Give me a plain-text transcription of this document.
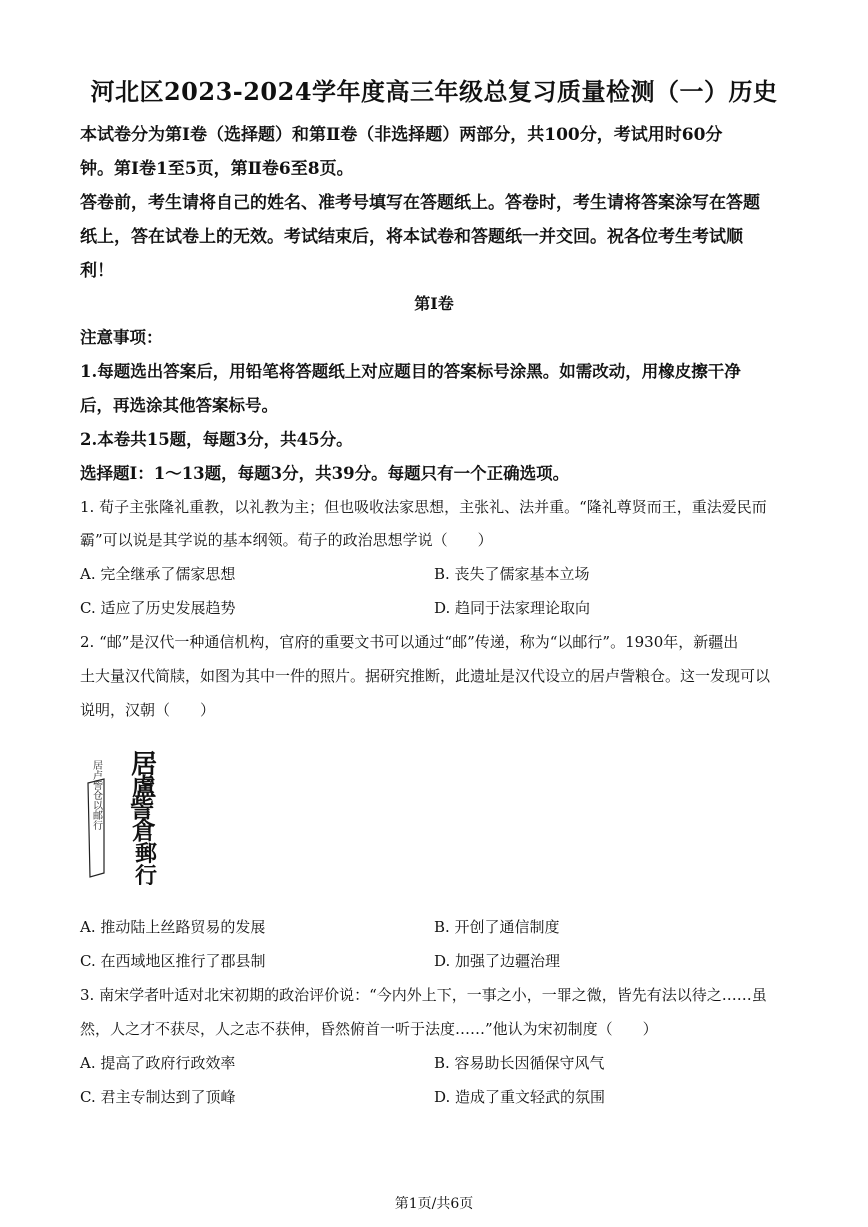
河北区2023-2024学年度高三年级总复习质量检测（一）历史
本试卷分为第Ⅰ卷（选择题）和第Ⅱ卷（非选择题）两部分，共100分，考试用时60分
钟。第Ⅰ卷1至5页，第Ⅱ卷6至8页。
答卷前，考生请将自己的姓名、准考号填写在答题纸上。答卷时，考生请将答案涂写在答题
纸上，答在试卷上的无效。考试结束后，将本试卷和答题纸一并交回。祝各位考生考试顺
利！
第Ⅰ卷
注意事项：
1.每题选出答案后，用铅笔将答题纸上对应题目的答案标号涂黑。如需改动，用橡皮擦干净
后，再选涂其他答案标号。
2.本卷共15题，每题3分，共45分。
选择题Ⅰ：1～13题，每题3分，共39分。每题只有一个正确选项。
1. 荀子主张隆礼重教，以礼教为主；但也吸收法家思想，主张礼、法并重。“隆礼尊贤而王，重法爱民而
霸”可以说是其学说的基本纲领。荀子的政治思想学说（　　）
A. 完全继承了儒家思想	B. 丧失了儒家基本立场
C. 适应了历史发展趋势	D. 趋同于法家理论取向
2. “邮”是汉代一种通信机构，官府的重要文书可以通过“邮”传递，称为“以邮行”。1930年，新疆出
土大量汉代简牍，如图为其中一件的照片。据研究推断，此遗址是汉代设立的居卢訾粮仓。这一发现可以
说明，汉朝（　　）
居卢訾仓以邮行 居
盧
訾
倉
郵
行
A. 推动陆上丝路贸易的发展	B. 开创了通信制度
C. 在西域地区推行了郡县制	D. 加强了边疆治理
3. 南宋学者叶适对北宋初期的政治评价说：“今内外上下，一事之小，一罪之微，皆先有法以待之……虽
然，人之才不获尽，人之志不获伸，昏然俯首一听于法度……”他认为宋初制度（　　）
A. 提高了政府行政效率	B. 容易助长因循保守风气
C. 君主专制达到了顶峰	D. 造成了重文轻武的氛围
第1页/共6页
